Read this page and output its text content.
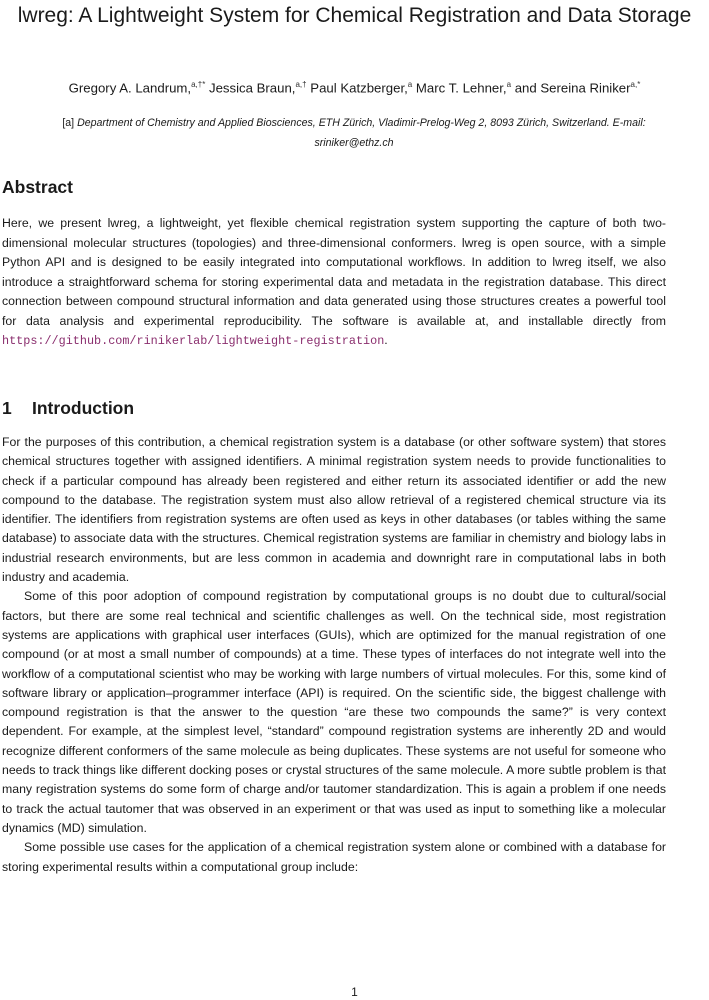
lwreg: A Lightweight System for Chemical Registration and Data Storage
Gregory A. Landrum,$^{a,\dagger*}$ Jessica Braun,$^{a,\dagger}$ Paul Katzberger,$^a$ Marc T. Lehner,$^a$ and Sereina Riniker$^{a,*}$
[a] Department of Chemistry and Applied Biosciences, ETH Zürich, Vladimir-Prelog-Weg 2, 8093 Zürich, Switzerland. E-mail: sriniker@ethz.ch
Abstract

Here, we present lwreg, a lightweight, yet flexible chemical registration system supporting the capture of both two-dimensional molecular structures (topologies) and three-dimensional conformers. lwreg is open source, with a simple Python API and is designed to be easily integrated into computational workflows. In addition to lwreg itself, we also introduce a straightforward schema for storing experimental data and metadata in the registration database. This direct connection between compound structural information and data generated using those structures creates a powerful tool for data analysis and experimental reproducibility. The software is available at, and installable directly from https://github.com/rinikerlab/lightweight-registration.

1 Introduction

For the purposes of this contribution, a chemical registration system is a database (or other software system) that stores chemical structures together with assigned identifiers. A minimal registration system needs to provide functionalities to check if a particular compound has already been registered and either return its associated identifier or add the new compound to the database. The registration system must also allow retrieval of a registered chemical structure via its identifier. The identifiers from registration systems are often used as keys in other databases (or tables withing the same database) to associate data with the structures. Chemical registration systems are familiar in chemistry and biology labs in industrial research environments, but are less common in academia and downright rare in computational labs in both industry and academia.

Some of this poor adoption of compound registration by computational groups is no doubt due to cultural/social factors, but there are some real technical and scientific challenges as well. On the technical side, most registration systems are applications with graphical user interfaces (GUIs), which are optimized for the manual registration of one compound (or at most a small number of compounds) at a time. These types of interfaces do not integrate well into the workflow of a computational scientist who may be working with large numbers of virtual molecules. For this, some kind of software library or application–programmer interface (API) is required. On the scientific side, the biggest challenge with compound registration is that the answer to the question “are these two compounds the same?” is very context dependent. For example, at the simplest level, “standard” compound registration systems are inherently 2D and would recognize different conformers of the same molecule as being duplicates. These systems are not useful for someone who needs to track things like different docking poses or crystal structures of the same molecule. A more subtle problem is that many registration systems do some form of charge and/or tautomer standardization. This is again a problem if one needs to track the actual tautomer that was observed in an experiment or that was used as input to something like a molecular dynamics (MD) simulation.

Some possible use cases for the application of a chemical registration system alone or combined with a database for storing experimental results within a computational group include:

1
